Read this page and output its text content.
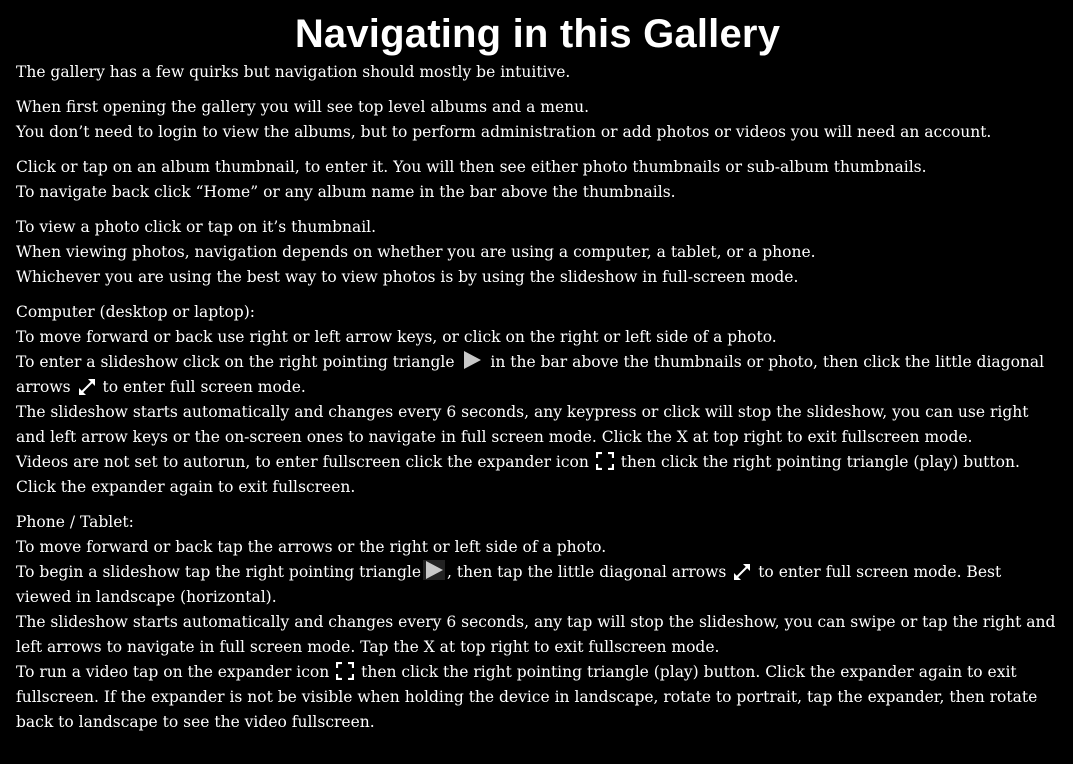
Navigating in this Gallery

The gallery has a few quirks but navigation should mostly be intuitive.

When first opening the gallery you will see top level albums and a menu.
You don’t need to login to view the albums, but to perform administration or add photos or videos you will need an account.

Click or tap on an album thumbnail, to enter it. You will then see either photo thumbnails or sub-album thumbnails.
To navigate back click “Home” or any album name in the bar above the thumbnails.

To view a photo click or tap on it’s thumbnail.
When viewing photos, navigation depends on whether you are using a computer, a tablet, or a phone.
Whichever you are using the best way to view photos is by using the slideshow in full-screen mode.

Computer (desktop or laptop):
To move forward or back use right or left arrow keys, or click on the right or left side of a photo.
To enter a slideshow click on the right pointing triangle in the bar above the thumbnails or photo, then click the little diagonal arrows to enter full screen mode.
The slideshow starts automatically and changes every 6 seconds, any keypress or click will stop the slideshow, you can use right and left arrow keys or the on-screen ones to navigate in full screen mode. Click the X at top right to exit fullscreen mode.
Videos are not set to autorun, to enter fullscreen click the expander icon then click the right pointing triangle (play) button. Click the expander again to exit fullscreen.

Phone / Tablet:
To move forward or back tap the arrows or the right or left side of a photo.
To begin a slideshow tap the right pointing triangle , then tap the little diagonal arrows to enter full screen mode. Best viewed in landscape (horizontal).
The slideshow starts automatically and changes every 6 seconds, any tap will stop the slideshow, you can swipe or tap the right and left arrows to navigate in full screen mode. Tap the X at top right to exit fullscreen mode.
To run a video tap on the expander icon then click the right pointing triangle (play) button. Click the expander again to exit fullscreen. If the expander is not be visible when holding the device in landscape, rotate to portrait, tap the expander, then rotate back to landscape to see the video fullscreen.
